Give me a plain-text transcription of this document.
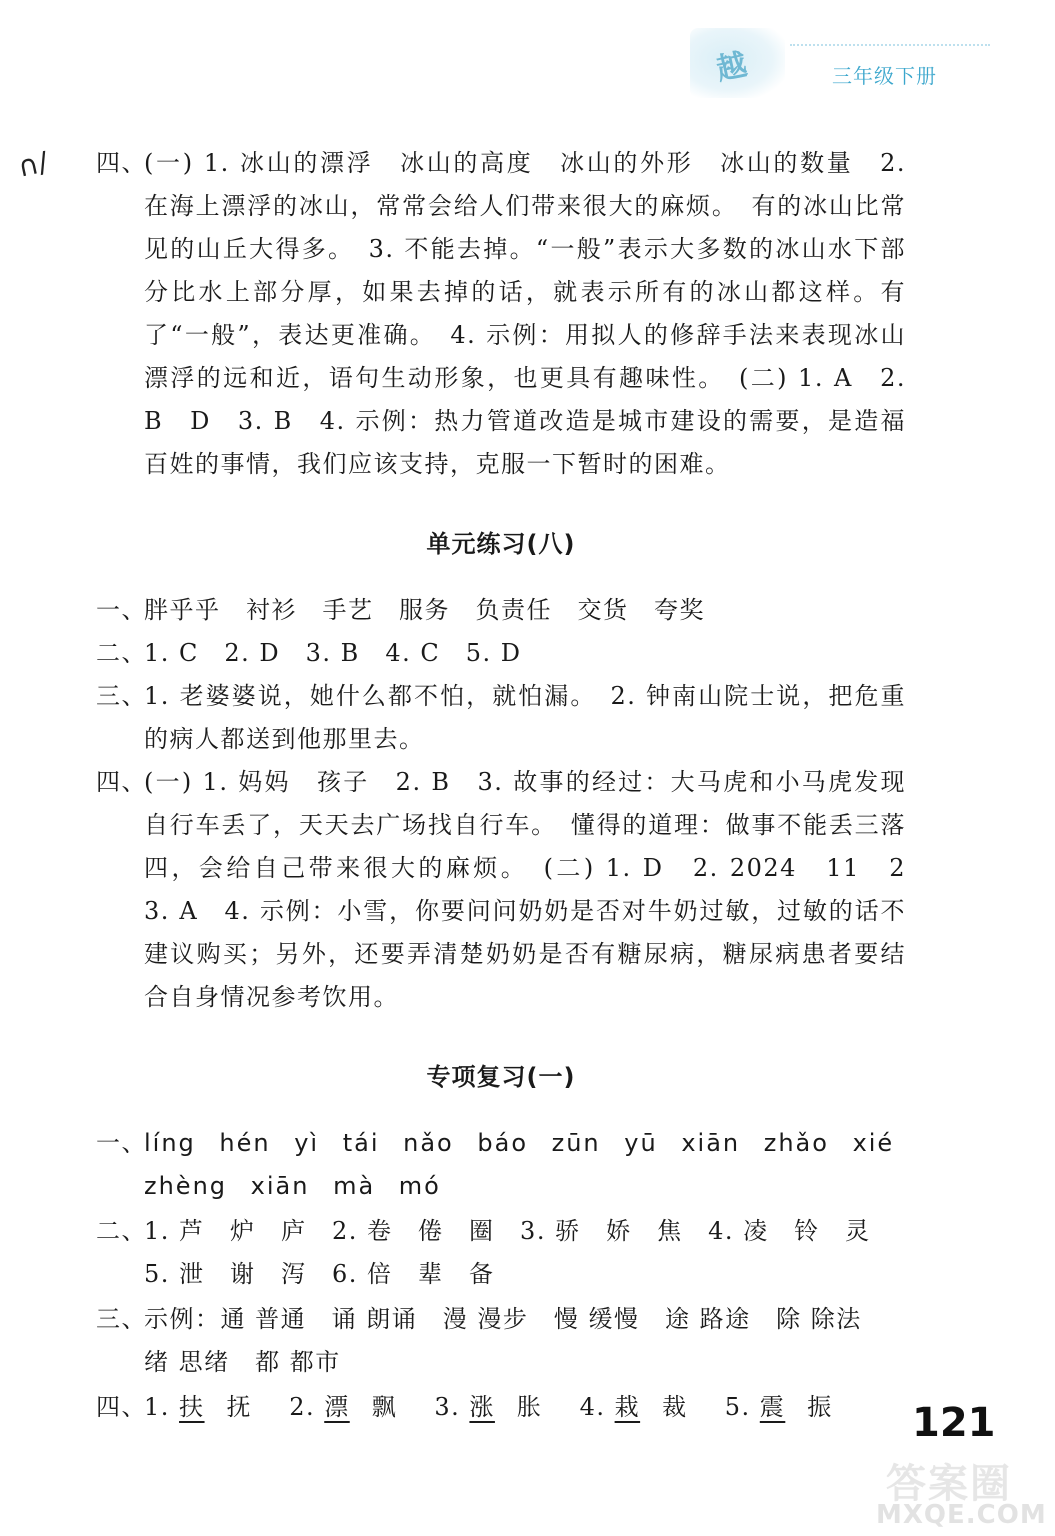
越	三年级下册
∩/ 四、
(一) 1. 冰山的漂浮　冰山的高度　冰山的外形　冰山的数量　2. 在海上漂浮的冰山，常常会给人们带来很大的麻烦。　有的冰山比常见的山丘大得多。　3. 不能去掉。“一般”表示大多数的冰山水下部分比水上部分厚，如果去掉的话，就表示所有的冰山都这样。有了“一般”，表达更准确。　4. 示例：用拟人的修辞手法来表现冰山漂浮的远和近，语句生动形象，也更具有趣味性。　(二) 1. A　2. B　D　3. B　4. 示例：热力管道改造是城市建设的需要，是造福百姓的事情，我们应该支持，克服一下暂时的困难。
单元练习(八)
一、
胖乎乎　衬衫　手艺　服务　负责任　交货　夸奖
二、
1. C　2. D　3. B　4. C　5. D
三、
1. 老婆婆说，她什么都不怕，就怕漏。　2. 钟南山院士说，把危重的病人都送到他那里去。
四、
(一) 1. 妈妈　孩子　2. B　3. 故事的经过：大马虎和小马虎发现自行车丢了，天天去广场找自行车。　懂得的道理：做事不能丢三落四，会给自己带来很大的麻烦。　(二) 1. D　2. 2024　11　2　3. A　4. 示例：小雪，你要问问奶奶是否对牛奶过敏，过敏的话不建议购买；另外，还要弄清楚奶奶是否有糖尿病，糖尿病患者要结合自身情况参考饮用。
专项复习(一)
一、
líng hén yì tái nǎo báo zūn yū xiān zhǎo xié
zhèng xiān mà mó
二、
1. 芦　炉　庐　2. 卷　倦　圈　3. 骄　娇　焦　4. 凌　铃　灵
5. 泄　谢　泻　6. 倍　辈　备
三、
示例：通 普通　诵 朗诵　漫 漫步　慢 缓慢　途 路途　除 除法
绪 思绪　都 都市
四、
1. 扶 抚 2. 漂 飘 3. 涨 胀 4. 栽 裁 5. 震 振	121
答案圈
MXQE.COM
